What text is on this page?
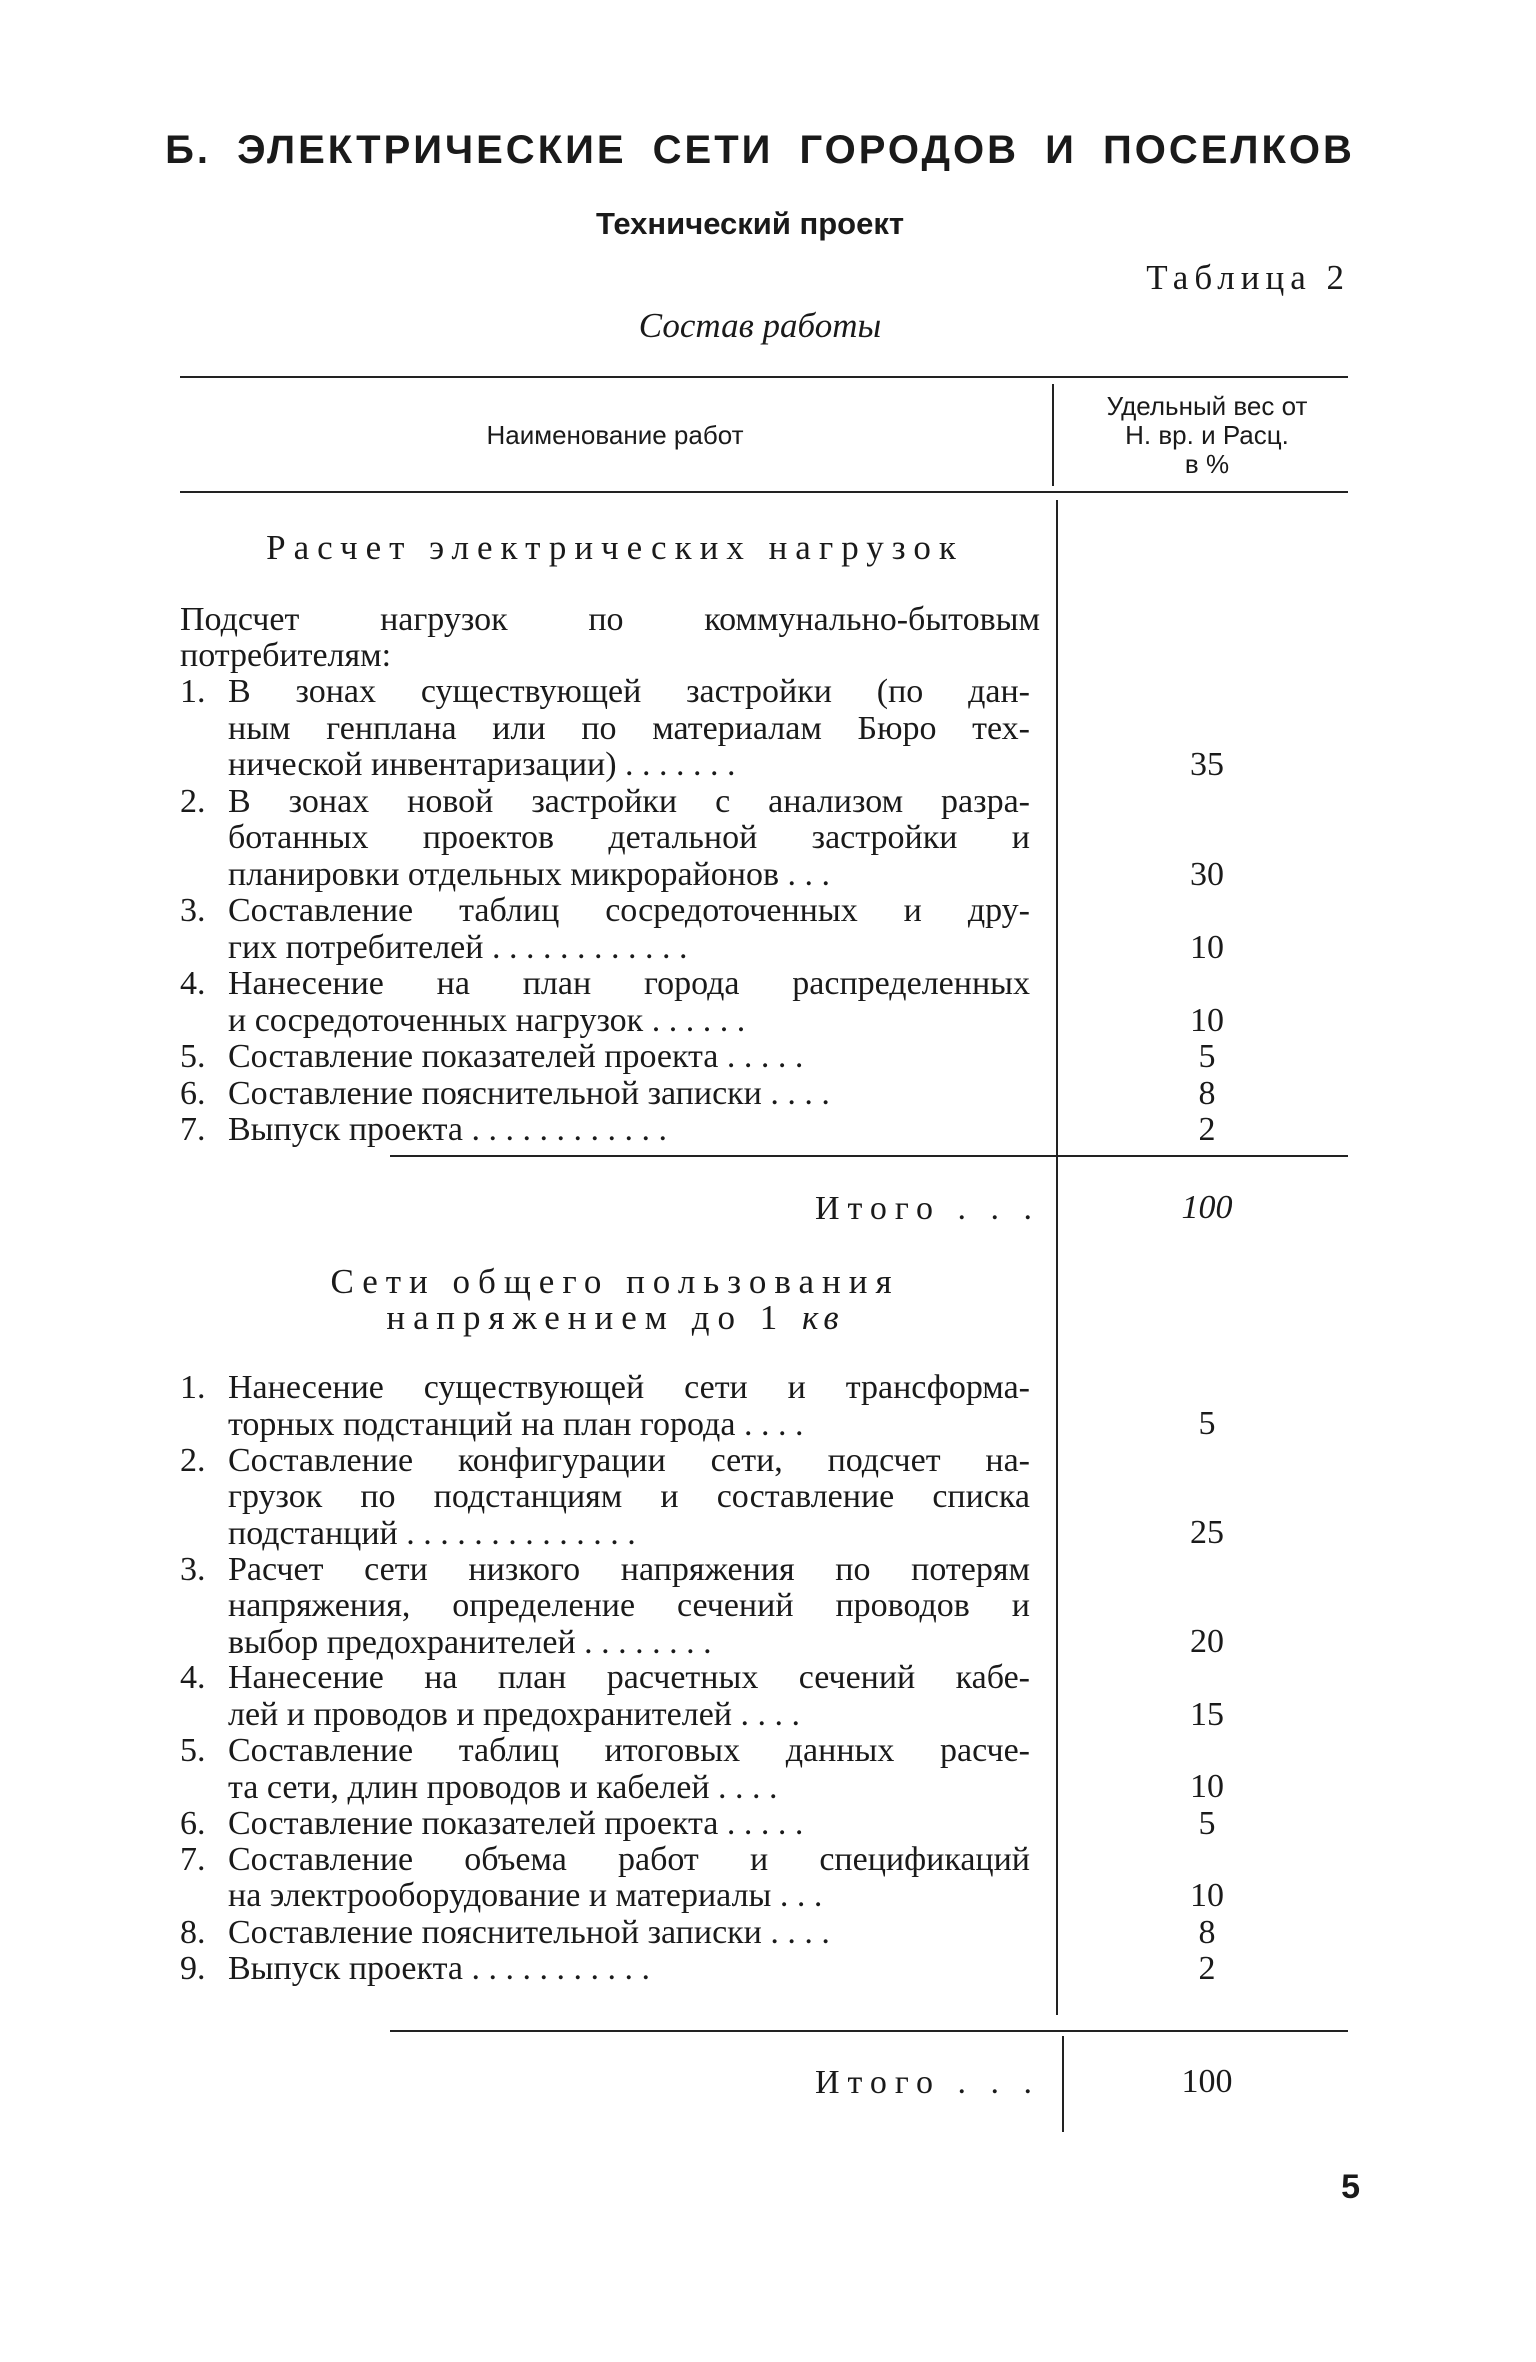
Б. ЭЛЕКТРИЧЕСКИЕ СЕТИ ГОРОДОВ И ПОСЕЛКОВ
Технический проект
Таблица 2
Состав работы
Наименование работ
Удельный вес от
Н. вр. и Расц.
в %
Расчет электрических нагрузок
Подсчет нагрузок по коммунально-бытовым потребителям:
1. В зонах существующей застройки (по дан-
ным генплана или по материалам Бюро тех-
нической инвентаризации) . . . . . . .
2. В зонах новой застройки с анализом разра-
ботанных проектов детальной застройки и
планировки отдельных микрорайонов . . .
3. Составление таблиц сосредоточенных и дру-
гих потребителей . . . . . . . . . . . .
4. Нанесение на план города распределенных
и сосредоточенных нагрузок . . . . . .
5. Составление показателей проекта . . . . .
6. Составление пояснительной записки . . . .
7. Выпуск проекта . . . . . . . . . . . .
35
30
10
10
5
8
2
Итого . . .	100
Сети общего пользования
напряжением до 1 кв
1. Нанесение существующей сети и трансформа-
торных подстанций на план города . . . .
2. Составление конфигурации сети, подсчет на-
грузок по подстанциям и составление списка
подстанций . . . . . . . . . . . . . .
3. Расчет сети низкого напряжения по потерям
напряжения, определение сечений проводов и
выбор предохранителей . . . . . . . .
4. Нанесение на план расчетных сечений кабе-
лей и проводов и предохранителей . . . .
5. Составление таблиц итоговых данных расче-
та сети, длин проводов и кабелей . . . .
6. Составление показателей проекта . . . . .
7. Составление объема работ и спецификаций
на электрооборудование и материалы . . .
8. Составление пояснительной записки . . . .
9. Выпуск проекта . . . . . . . . . . .
5
25
20
15
10
5
10
8
2
Итого . . .	100
5
